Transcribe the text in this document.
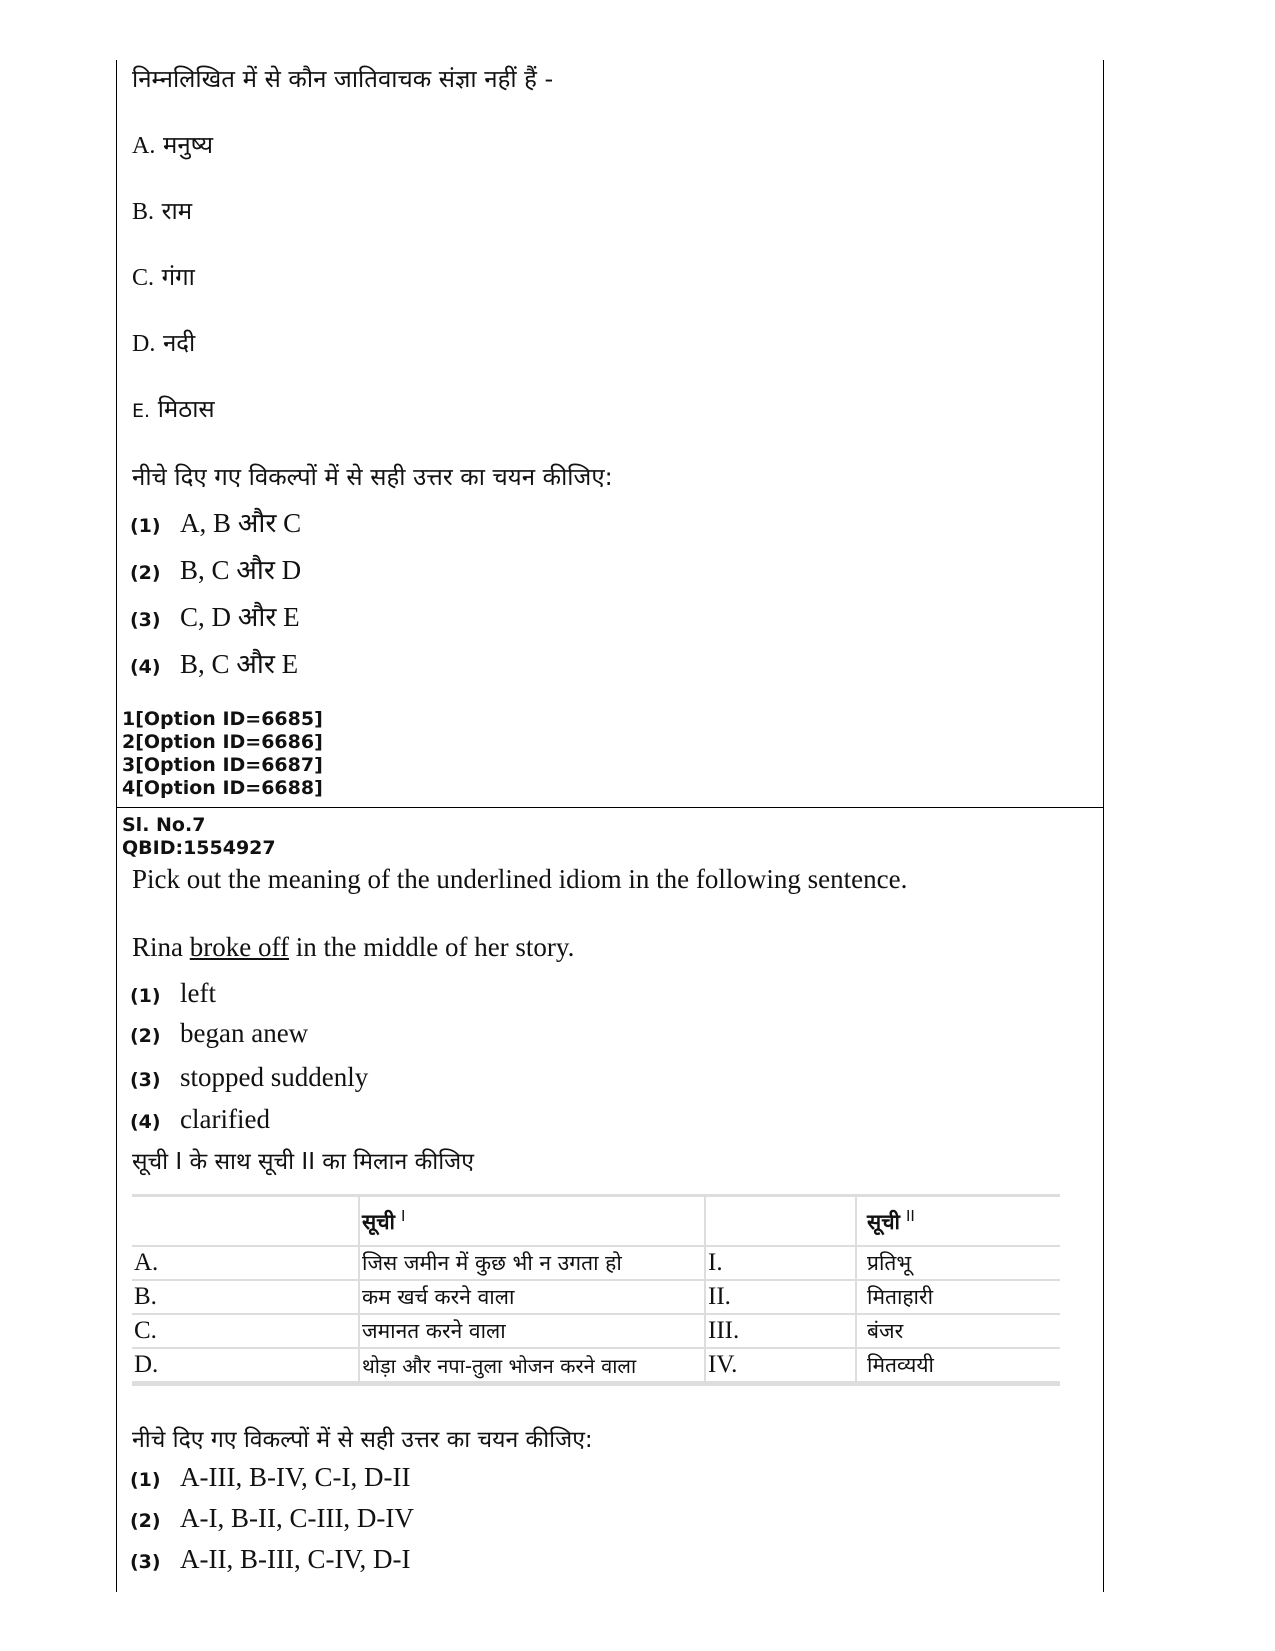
निम्नलिखित में से कौन जातिवाचक संज्ञा नहीं हैं -
A. मनुष्य
B. राम
C. गंगा
D. नदी
E. मिठास
नीचे दिए गए विकल्पों में से सही उत्तर का चयन कीजिए:
(1) A, B और C
(2) B, C और D
(3) C, D और E
(4) B, C और E
1[Option ID=6685]
2[Option ID=6686]
3[Option ID=6687]
4[Option ID=6688]
Sl. No.7
QBID:1554927
Pick out the meaning of the underlined idiom in the following sentence.
Rina broke off in the middle of her story.
(1) left
(2) began anew
(3) stopped suddenly
(4) clarified
सूची I के साथ सूची II का मिलान कीजिए
	सूची $^I$		सूची $^{II}$
A.	जिस जमीन में कुछ भी न उगता हो	I.	प्रतिभू
B.	कम खर्च करने वाला	II.	मिताहारी
C.	जमानत करने वाला	III.	बंजर
D.	थोड़ा और नपा-तुला भोजन करने वाला	IV.	मितव्ययी
नीचे दिए गए विकल्पों में से सही उत्तर का चयन कीजिए:
(1) A-III, B-IV, C-I, D-II
(2) A-I, B-II, C-III, D-IV
(3) A-II, B-III, C-IV, D-I
